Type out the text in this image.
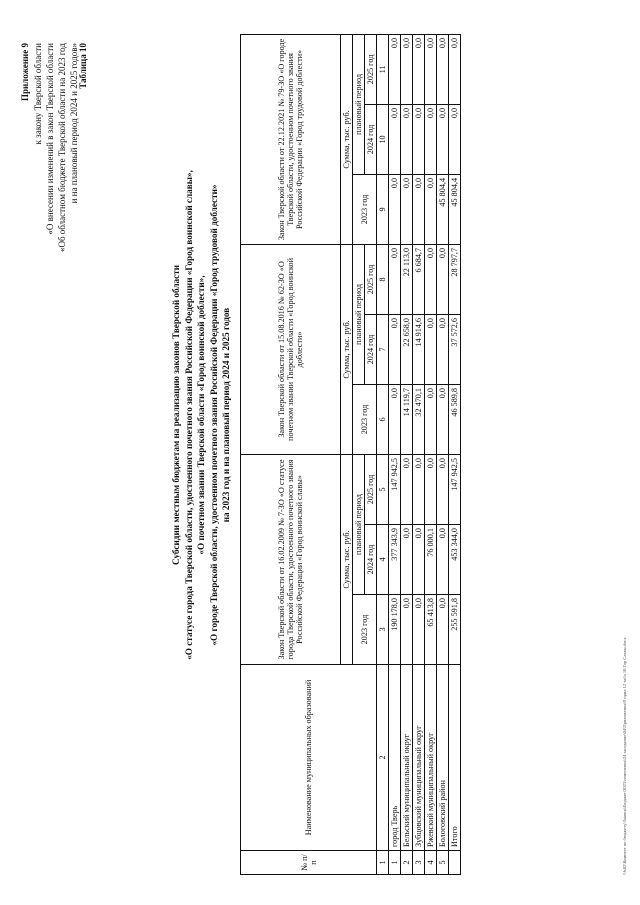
Приложение 9 к закону Тверской области «О внесении изменений в закон Тверской области «Об областном бюджете Тверской области на 2023 год и на плановый период 2024 и 2025 годов» Таблица 10
Субсидии местным бюджетам на реализацию законов Тверской области «О статусе города Тверской области, удостоенного почетного звания Российской Федерации «Город воинской славы», «О почетном звании Тверской области «Город воинской доблести», «О городе Тверской области, удостоенном почетного звания Российской Федерации «Город трудовой доблести» на 2023 год и на плановый период 2024 и 2025 годов
№ п/п	Наименование муниципальных образований	Закон Тверской области от 16.02.2009 № 7-ЗО «О статусе города Тверской области, удостоенного почетного звания Российской Федерации «Город воинской славы»			Закон Тверской области от 15.08.2016 № 62-ЗО «О почетном звании Тверской области «Город воинской доблести»			Закон Тверской области от 22.12.2021 № 79-ЗО «О городе Тверской области, удостоенном почетного звания Российской Федерации «Город трудовой доблести»		
		Сумма, тыс. руб.			Сумма, тыс. руб.			Сумма, тыс. руб.		
		2023 год	плановый период		2023 год	плановый период		2023 год	плановый период	
			2024 год	2025 год		2024 год	2025 год		2024 год	2025 год
1	2	3	4	5	6	7	8	9	10	11
1	город Тверь	190 178,0	377 343,9	147 942,5	0,0	0,0	0,0	0,0	0,0	0,0
2	Бельский муниципальный округ	0,0	0,0	0,0	14 119,7	22 658,0	22 113,0	0,0	0,0	0,0
3	Зубцовский муниципальный округ	0,0	0,0	0,0	32 470,1	14 914,6	6 684,7	0,0	0,0	0,0
4	Ржевский муниципальный округ	65 413,8	76 000,1	0,0	0,0	0,0	0,0	0,0	0,0	0,0
5	Бологовский район	0,0	0,0	0,0	0,0	0,0	0,0	45 804,4	0,0	0,0
	Итого	255 591,8	453 344,0	147 942,5	46 589,8	37 572,6	28 797,7	45 804,4	0,0	0,0
\\fs02\Комитет по бюджету\Законы\Бюджет\2023\изменения\24 заседание\04\Приложения\9 прил 12 табл 10 Гор Славы.docx
